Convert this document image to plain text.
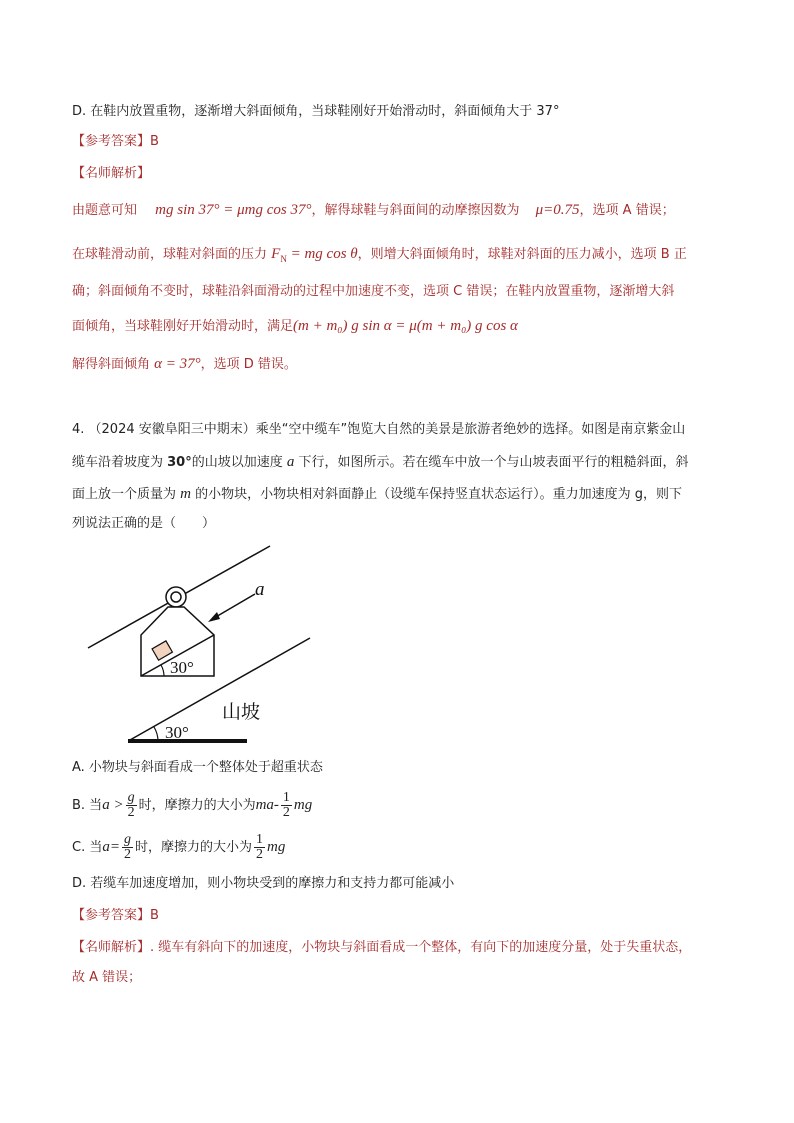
D. 在鞋内放置重物，逐渐增大斜面倾角，当球鞋刚好开始滑动时，斜面倾角大于 37°
【参考答案】B
【名师解析】
由题意可知 mg sin 37° = μmg cos 37°，解得球鞋与斜面间的动摩擦因数为 μ=0.75，选项 A 错误；
在球鞋滑动前，球鞋对斜面的压力 $F_N$ = mg cos θ，则增大斜面倾角时，球鞋对斜面的压力减小，选项 B 正
确；斜面倾角不变时，球鞋沿斜面滑动的过程中加速度不变，选项 C 错误；在鞋内放置重物，逐渐增大斜
面倾角，当球鞋刚好开始滑动时，满足(m + m₀) g sin α = μ(m + m₀) g cos α
解得斜面倾角 α = 37°，选项 D 错误。
4. （2024 安徽阜阳三中期末）乘坐“空中缆车”饱览大自然的美景是旅游者绝妙的选择。如图是南京紫金山
缆车沿着坡度为 30°的山坡以加速度 a 下行，如图所示。若在缆车中放一个与山坡表面平行的粗糙斜面，斜
面上放一个质量为 m 的小物块，小物块相对斜面静止（设缆车保持竖直状态运行）。重力加速度为 g，则下
列说法正确的是（　　）
30°
a
30°
山坡
A. 小物块与斜面看成一个整体处于超重状态
B. 当$a > \frac{g}{2}$ 时，摩擦力的大小为$ma- \frac{1}{2}$ mg
C. 当$a= \frac{g}{2}$ 时，摩擦力的大小为 $\frac{1}{2}$ mg
D. 若缆车加速度增加，则小物块受到的摩擦力和支持力都可能减小
【参考答案】B
【名师解析】. 缆车有斜向下的加速度，小物块与斜面看成一个整体，有向下的加速度分量，处于失重状态，
故 A 错误；
